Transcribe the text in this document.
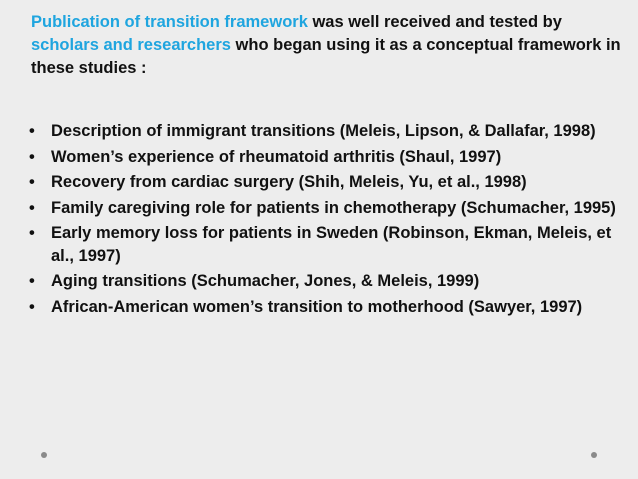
Publication of transition framework was well received and tested by scholars and researchers who began using it as a conceptual framework in these studies :

• Description of immigrant transitions (Meleis, Lipson, & Dallafar, 1998)
• Women’s experience of rheumatoid arthritis (Shaul, 1997)
• Recovery from cardiac surgery (Shih, Meleis, Yu, et al., 1998)
• Family caregiving role for patients in chemotherapy (Schumacher, 1995)
• Early memory loss for patients in Sweden (Robinson, Ekman, Meleis, et al., 1997)
• Aging transitions (Schumacher, Jones, & Meleis, 1999)
• African-American women’s transition to motherhood (Sawyer, 1997)
